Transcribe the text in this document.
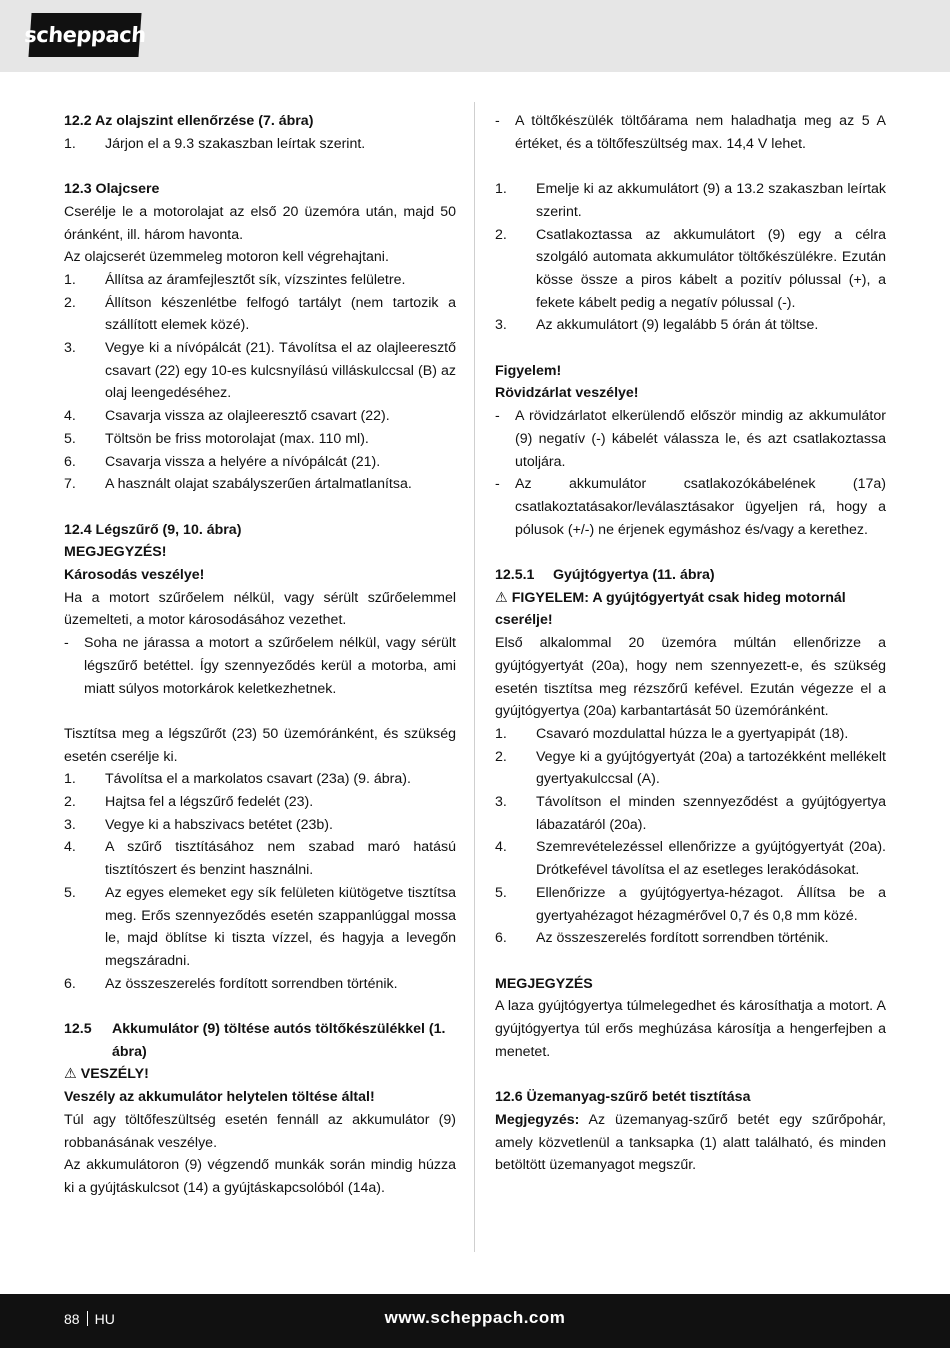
scheppach
12.2 Az olajszint ellenőrzése (7. ábra)
1.	Járjon el a 9.3 szakaszban leírtak szerint.
12.3 Olajcsere
Cserélje le a motorolajat az első 20 üzemóra után, majd 50 óránként, ill. három havonta.
Az olajcserét üzemmeleg motoron kell végrehajtani.
1.	Állítsa az áramfejlesztőt sík, vízszintes felületre.
2.	Állítson készenlétbe felfogó tartályt (nem tartozik a szállított elemek közé).
3.	Vegye ki a nívópálcát (21). Távolítsa el az olajleeresztő csavart (22) egy 10-es kulcsnyílású villáskulccsal (B) az olaj leengedéséhez.
4.	Csavarja vissza az olajleeresztő csavart (22).
5.	Töltsön be friss motorolajat (max. 110 ml).
6.	Csavarja vissza a helyére a nívópálcát (21).
7.	A használt olajat szabályszerűen ártalmatlanítsa.
12.4 Légszűrő (9, 10. ábra)
MEGJEGYZÉS!
Károsodás veszélye!
Ha a motort szűrőelem nélkül, vagy sérült szűrőelemmel üzemelteti, a motor károsodásához vezethet.
-	Soha ne járassa a motort a szűrőelem nélkül, vagy sérült légszűrő betéttel. Így szennyeződés kerül a motorba, ami miatt súlyos motorkárok keletkezhetnek.
Tisztítsa meg a légszűrőt (23) 50 üzemóránként, és szükség esetén cserélje ki.
1.	Távolítsa el a markolatos csavart (23a) (9. ábra).
2.	Hajtsa fel a légszűrő fedelét (23).
3.	Vegye ki a habszivacs betétet (23b).
4.	A szűrő tisztításához nem szabad maró hatású tisztítószert és benzint használni.
5.	Az egyes elemeket egy sík felületen kiütögetve tisztítsa meg. Erős szennyeződés esetén szappanlúggal mossa le, majd öblítse ki tiszta vízzel, és hagyja a levegőn megszáradni.
6.	Az összeszerelés fordított sorrendben történik.
12.5	Akkumulátor (9) töltése autós töltőkészülékkel (1. ábra)
⚠ VESZÉLY!
Veszély az akkumulátor helytelen töltése által!
Túl agy töltőfeszültség esetén fennáll az akkumulátor (9) robbanásának veszélye.
Az akkumulátoron (9) végzendő munkák során mindig húzza ki a gyújtáskulcsot (14) a gyújtáskapcsolóból (14a).
-	A töltőkészülék töltőárama nem haladhatja meg az 5 A értéket, és a töltőfeszültség max. 14,4 V lehet.
1.	Emelje ki az akkumulátort (9) a 13.2 szakaszban leírtak szerint.
2.	Csatlakoztassa az akkumulátort (9) egy a célra szolgáló automata akkumulátor töltőkészülékre. Ezután kösse össze a piros kábelt a pozitív pólussal (+), a fekete kábelt pedig a negatív pólussal (-).
3.	Az akkumulátort (9) legalább 5 órán át töltse.
Figyelem!
Rövidzárlat veszélye!
-	A rövidzárlatot elkerülendő először mindig az akkumulátor (9) negatív (-) kábelét válassza le, és azt csatlakoztassa utoljára.
-	Az akkumulátor csatlakozókábelének (17a) csatlakoztatásakor/leválasztásakor ügyeljen rá, hogy a pólusok (+/-) ne érjenek egymáshoz és/vagy a kerethez.
12.5.1	Gyújtógyertya (11. ábra)
⚠ FIGYELEM: A gyújtógyertyát csak hideg motornál cserélje!
Első alkalommal 20 üzemóra múltán ellenőrizze a gyújtógyertyát (20a), hogy nem szennyezett-e, és szükség esetén tisztítsa meg rézszőrű kefével. Ezután végezze el a gyújtógyertya (20a) karbantartását 50 üzemóránként.
1.	Csavaró mozdulattal húzza le a gyertyapipát (18).
2.	Vegye ki a gyújtógyertyát (20a) a tartozékként mellékelt gyertyakulccsal (A).
3.	Távolítson el minden szennyeződést a gyújtógyertya lábazatáról (20a).
4.	Szemrevételezéssel ellenőrizze a gyújtógyertyát (20a). Drótkefével távolítsa el az esetleges lerakódásokat.
5.	Ellenőrizze a gyújtógyertya-hézagot. Állítsa be a gyertyahézagot hézagmérővel 0,7 és 0,8 mm közé.
6.	Az összeszerelés fordított sorrendben történik.
MEGJEGYZÉS
A laza gyújtógyertya túlmelegedhet és károsíthatja a motort. A gyújtógyertya túl erős meghúzása károsítja a hengerfejben a menetet.
12.6 Üzemanyag-szűrő betét tisztítása
Megjegyzés: Az üzemanyag-szűrő betét egy szűrőpohár, amely közvetlenül a tanksapka (1) alatt található, és minden betöltött üzemanyagot megszűr.
88 HU	www.scheppach.com
